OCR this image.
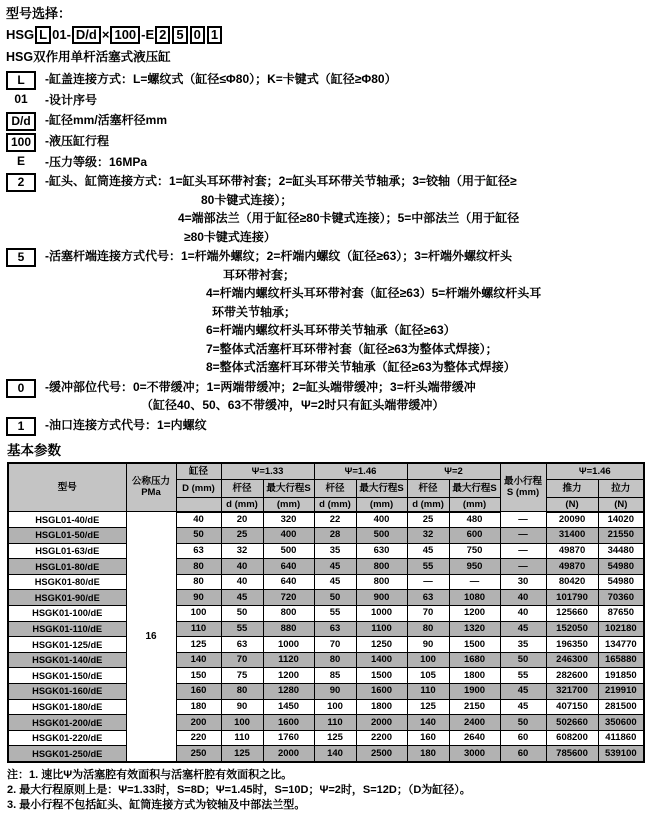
型号选择：
HSG L 01- D/d × 100 -E 2 5 0 1
HSG双作用单杆活塞式液压缸
L	-缸盖连接方式：L=螺纹式（缸径≤Φ80）；K=卡键式（缸径≥Φ80）
01	-设计序号
D/d	-缸径mm/活塞杆径mm
100	-液压缸行程
E	-压力等级：16MPa
2	-缸头、缸筒连接方式：1=缸头耳环带衬套；2=缸头耳环带关节轴承；3=铰轴（用于缸径≥
80卡键式连接）；
4=端部法兰（用于缸径≥80卡键式连接）；5=中部法兰（用于缸径
≥80卡键式连接）
5	-活塞杆端连接方式代号：1=杆端外螺纹；2=杆端内螺纹（缸径≥63）；3=杆端外螺纹杆头
耳环带衬套；
4=杆端内螺纹杆头耳环带衬套（缸径≥63）5=杆端外螺纹杆头耳
环带关节轴承；
6=杆端内螺纹杆头耳环带关节轴承（缸径≥63）
7=整体式活塞杆耳环带衬套（缸径≥63为整体式焊接）；
8=整体式活塞杆耳环带关节轴承（缸径≥63为整体式焊接）
0	-缓冲部位代号：0=不带缓冲；1=两端带缓冲；2=缸头端带缓冲；3=杆头端带缓冲
（缸径40、50、63不带缓冲，Ψ=2时只有缸头端带缓冲）
1	-油口连接方式代号：1=内螺纹
基本参数
型号	公称压力
PMa
	缸径	Ψ=1.33	Ψ=1.46	Ψ=2	
最小行程
S (mm)
	Ψ=1.46
		D (mm)	杆径	最大行程S	杆径	最大行程S	杆径	最大行程S		推力	拉力
			d (mm)	(mm)	d (mm)	(mm)	d (mm)	(mm)		(N)	(N)
HSGL01-40/dE	16	40	20	320	22	400	25	480	—	20090	14020
HSGL01-50/dE		50	25	400	28	500	32	600	—	31400	21550
HSGL01-63/dE		63	32	500	35	630	45	750	—	49870	34480
HSGL01-80/dE		80	40	640	45	800	55	950	—	49870	54980
HSGK01-80/dE		80	40	640	45	800	—	—	30	80420	54980
HSGK01-90/dE		90	45	720	50	900	63	1080	40	101790	70360
HSGK01-100/dE		100	50	800	55	1000	70	1200	40	125660	87650
HSGK01-110/dE		110	55	880	63	1100	80	1320	45	152050	102180
HSGK01-125/dE		125	63	1000	70	1250	90	1500	35	196350	134770
HSGK01-140/dE		140	70	1120	80	1400	100	1680	50	246300	165880
HSGK01-150/dE		150	75	1200	85	1500	105	1800	55	282600	191850
HSGK01-160/dE		160	80	1280	90	1600	110	1900	45	321700	219910
HSGK01-180/dE		180	90	1450	100	1800	125	2150	45	407150	281500
HSGK01-200/dE		200	100	1600	110	2000	140	2400	50	502660	350600
HSGK01-220/dE		220	110	1760	125	2200	160	2640	60	608200	411860
HSGK01-250/dE		250	125	2000	140	2500	180	3000	60	785600	539100
注：1. 速比Ψ为活塞腔有效面积与活塞杆腔有效面积之比。
2. 最大行程原则上是：Ψ=1.33时，S=8D；Ψ=1.45时，S=10D；Ψ=2时，S=12D；（D为缸径）。
3. 最小行程不包括缸头、缸筒连接方式为铰轴及中部法兰型。
